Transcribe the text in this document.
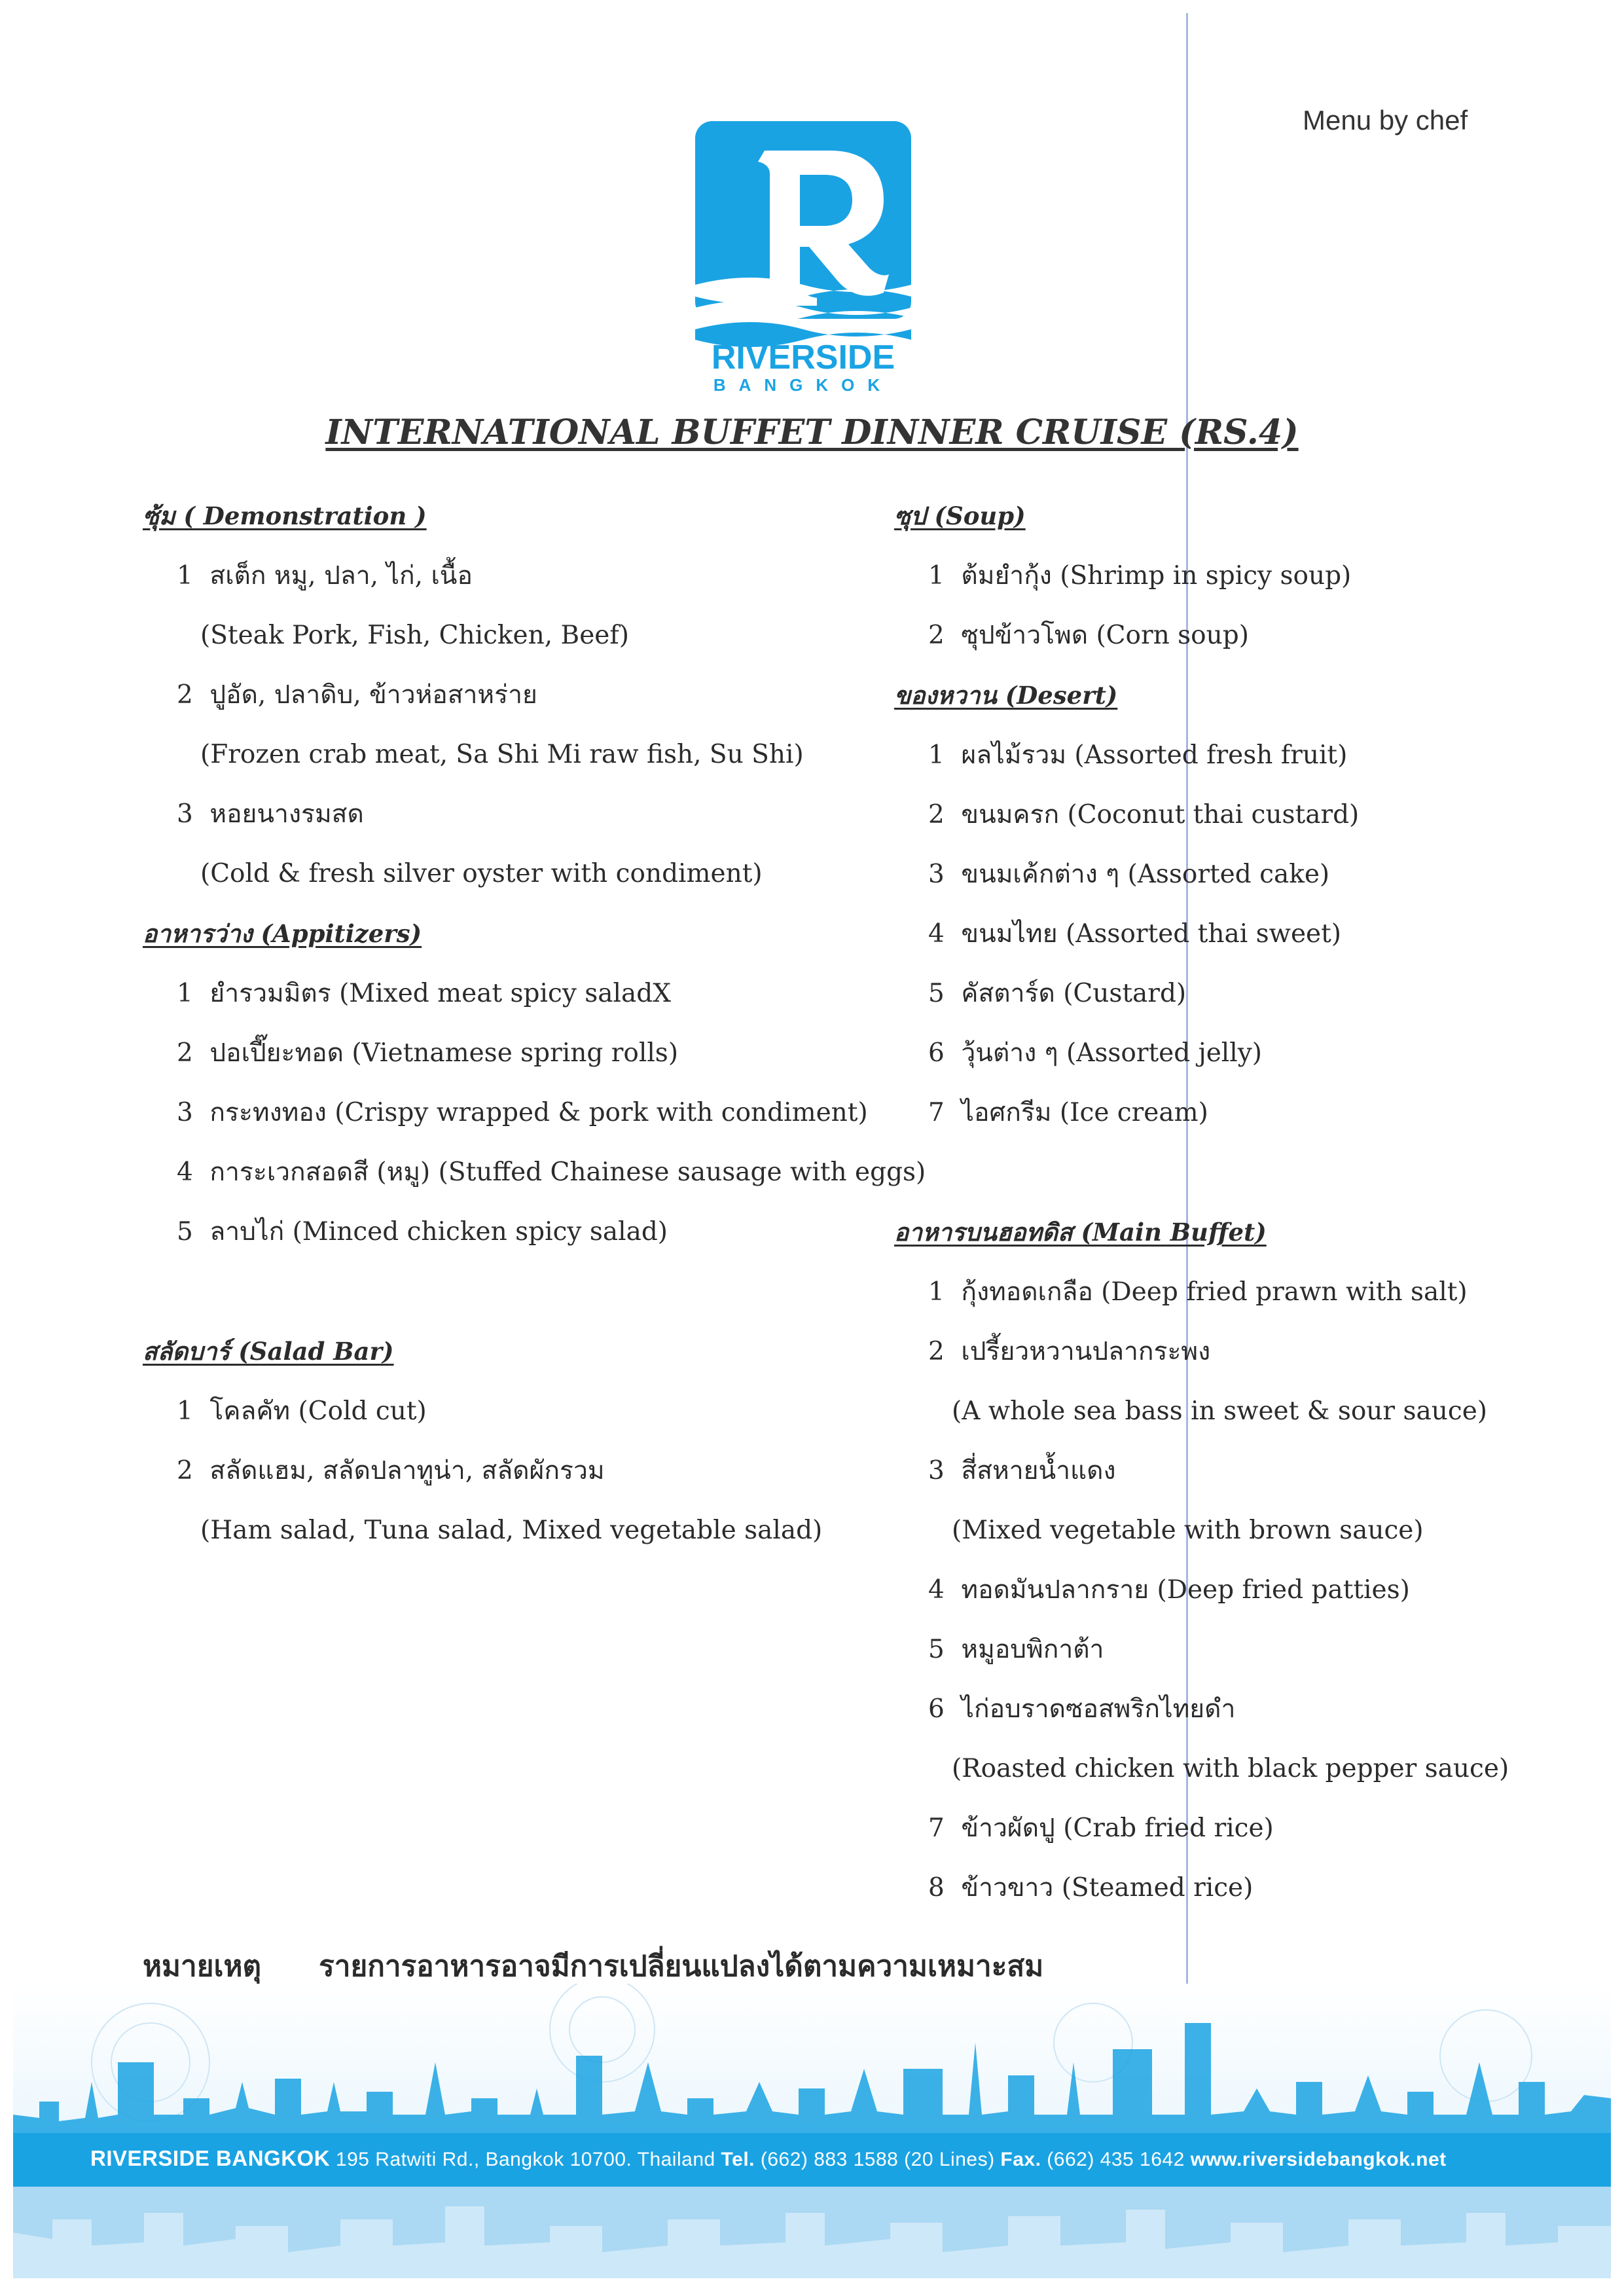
Menu by chef
RIVERSIDE
BANGKOK
INTERNATIONAL BUFFET DINNER CRUISE (RS.4)
ซุ้ม ( Demonstration )
1 สเต็ก หมู, ปลา, ไก่, เนื้อ
(Steak Pork, Fish, Chicken, Beef)
2 ปูอัด, ปลาดิบ, ข้าวห่อสาหร่าย
(Frozen crab meat, Sa Shi Mi raw fish, Su Shi)
3 หอยนางรมสด
(Cold & fresh silver oyster with condiment)
อาหารว่าง (Appitizers)
1 ยำรวมมิตร (Mixed meat spicy saladX
2 ปอเปี๊ยะทอด (Vietnamese spring rolls)
3 กระทงทอง (Crispy wrapped & pork with condiment)
4 การะเวกสอดสี (หมู) (Stuffed Chainese sausage with eggs)
5 ลาบไก่ (Minced chicken spicy salad)
สลัดบาร์ (Salad Bar)
1 โคลคัท (Cold cut)
2 สลัดแฮม, สลัดปลาทูน่า, สลัดผักรวม
(Ham salad, Tuna salad, Mixed vegetable salad)
ซุป (Soup)
1 ต้มยำกุ้ง (Shrimp in spicy soup)
2 ซุปข้าวโพด (Corn soup)
ของหวาน (Desert)
1 ผลไม้รวม (Assorted fresh fruit)
2 ขนมครก (Coconut thai custard)
3 ขนมเค้กต่าง ๆ (Assorted cake)
4 ขนมไทย (Assorted thai sweet)
5 คัสตาร์ด (Custard)
6 วุ้นต่าง ๆ (Assorted jelly)
7 ไอศกรีม (Ice cream)
อาหารบนฮอทดิส (Main Buffet)
1 กุ้งทอดเกลือ (Deep fried prawn with salt)
2 เปรี้ยวหวานปลากระพง
(A whole sea bass in sweet & sour sauce)
3 สี่สหายน้ำแดง
(Mixed vegetable with brown sauce)
4 ทอดมันปลากราย (Deep fried patties)
5 หมูอบพิกาต้า
6 ไก่อบราดซอสพริกไทยดำ
(Roasted chicken with black pepper sauce)
7 ข้าวผัดปู (Crab fried rice)
8 ข้าวขาว (Steamed rice)
หมายเหตุ รายการอาหารอาจมีการเปลี่ยนแปลงได้ตามความเหมาะสม
RIVERSIDE BANGKOK 195 Ratwiti Rd., Bangkok 10700. Thailand Tel. (662) 883 1588 (20 Lines) Fax. (662) 435 1642 www.riversidebangkok.net
